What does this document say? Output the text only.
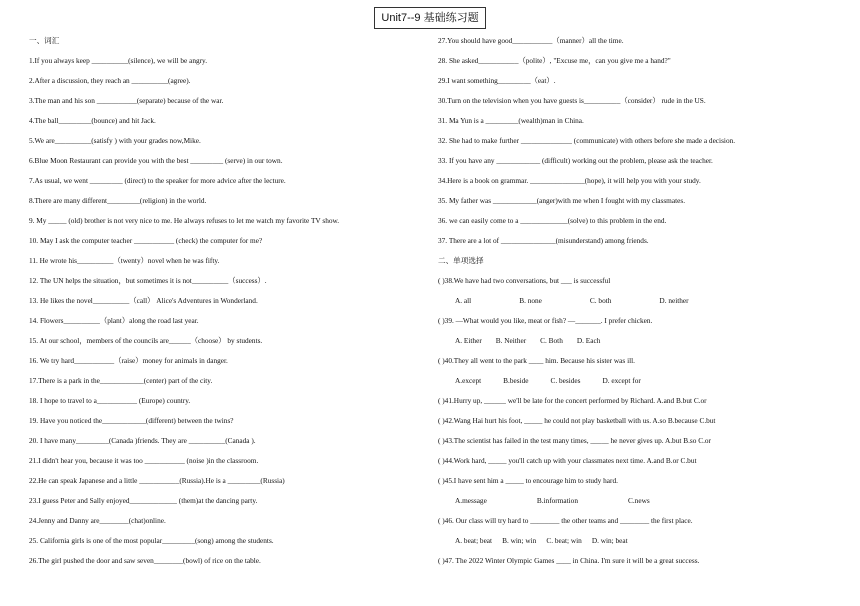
Unit7--9 基础练习题
一、词汇
1.If you always keep __________(silence), we will be angry.
2.After a discussion, they reach an __________(agree).
3.The man and his son ___________(separate) because of the war.
4.The ball_________(bounce) and hit Jack.
5.We are__________(satisfy ) with your grades now,Mike.
6.Blue Moon Restaurant can provide you with the best _________ (serve) in our town.
7.As usual, we went _________ (direct) to the speaker for more advice after the lecture.
8.There are many different_________(religion) in the world.
9. My _____ (old) brother is not very nice to me. He always refuses to let me watch my favorite TV show.
10. May I ask the computer teacher ___________ (check) the computer for me?
11. He wrote his__________（twenty）novel when he was fifty.
12. The UN helps the situation，but sometimes it is not__________（success）.
13. He likes the novel__________（call） Alice's Adventures in Wonderland.
14. Flowers__________（plant）along the road last year.
15. At our school，members of the councils are______（choose） by students.
16. We try hard___________（raise）money for animals in danger.
17.There is a park in the____________(center) part of the city.
18. I hope to travel to a___________ (Europe) country.
19. Have you noticed the____________(different) between the twins?
20. I have many_________(Canada )friends. They are __________(Canada ).
21.I didn't hear you, because it was too ___________ (noise )in the classroom.
22.He can speak Japanese and a little ___________(Russia).He is a _________(Russia)
23.I guess Peter and Sally enjoyed_____________ (them)at the dancing party.
24.Jenny and Danny are________(chat)online.
25. California girls is one of the most popular_________(song) among the students.
26.The girl pushed the door and saw seven________(bowl) of rice on the table.
27.You should have good___________（manner）all the time.
28. She asked___________（polite）, "Excuse me，can you give me a hand?"
29.I want something_________（eat）.
30.Turn on the television when you have guests is__________（consider） rude in the US.
31. Ma Yun is a _________(wealth)man in China.
32. She had to make further ______________ (communicate) with others before she made a decision.
33. If you have any ____________ (difficult) working out the problem, please ask the teacher.
34.Here is a book on grammar. _______________(hope), it will help you with your study.
35. My father was ____________(anger)with me when I fought with my classmates.
36. we can easily come to a _____________(solve) to this problem in the end.
37. There are a lot of _______________(misunderstand) among friends.
二、单项选择
( )38.We have had two conversations, but ___ is successful
A. all	B. none	C. both	D. neither
( )39. —What would you like, meat or fish? —_______. I prefer chicken.
A. Either B. Neither C. Both D. Each
( )40.They all went to the park ____ him. Because his sister was ill.
A.except	B.beside	C. besides	D. except for
( )41.Hurry up, ______ we'll be late for the concert performed by Richard. A.and B.but C.or
( )42.Wang Hai hurt his foot, _____ he could not play basketball with us. A.so B.because C.but
( )43.The scientist has failed in the test many times, _____ he never gives up. A.but B.so C.or
( )44.Work hard, _____ you'll catch up with your classmates next time. A.and B.or C.but
( )45.I have sent him a _____ to encourage him to study hard.
A.message	B.information	C.news
( )46. Our class will try hard to ________ the other teams and ________ the first place.
A. beat; beat B. win; win C. beat; win D. win; beat
( )47. The 2022 Winter Olympic Games ____ in China. I'm sure it will be a great success.
